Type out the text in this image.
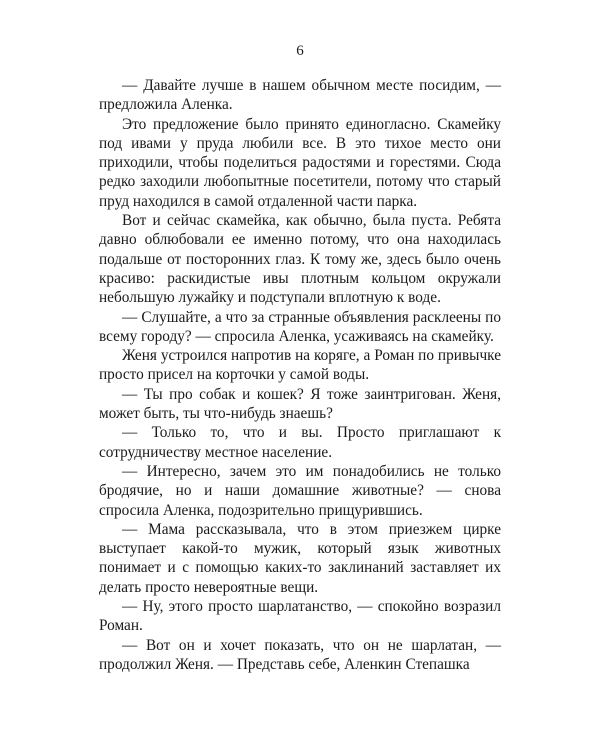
6

— Давайте лучше в нашем обычном месте посидим, — предложила Аленка.

Это предложение было принято единогласно. Скамейку под ивами у пруда любили все. В это тихое место они приходили, чтобы поделиться радостями и горестями. Сюда редко заходили любопытные посетители, потому что старый пруд находился в самой отдаленной части парка.

Вот и сейчас скамейка, как обычно, была пуста. Ребята давно облюбовали ее именно потому, что она находилась подальше от посторонних глаз. К тому же, здесь было очень красиво: раскидистые ивы плотным кольцом окружали небольшую лужайку и подступали вплотную к воде.

— Слушайте, а что за странные объявления расклеены по всему городу? — спросила Аленка, усаживаясь на скамейку.

Женя устроился напротив на коряге, а Роман по привычке просто присел на корточки у самой воды.

— Ты про собак и кошек? Я тоже заинтригован. Женя, может быть, ты что-нибудь знаешь?

— Только то, что и вы. Просто приглашают к сотрудничеству местное население.

— Интересно, зачем это им понадобились не только бродячие, но и наши домашние животные? — снова спросила Аленка, подозрительно прищурившись.

— Мама рассказывала, что в этом приезжем цирке выступает какой-то мужик, который язык животных понимает и с помощью каких-то заклинаний заставляет их делать просто невероятные вещи.

— Ну, этого просто шарлатанство, — спокойно возразил Роман.

— Вот он и хочет показать, что он не шарлатан, — продолжил Женя. — Представь себе, Аленкин Степашка
